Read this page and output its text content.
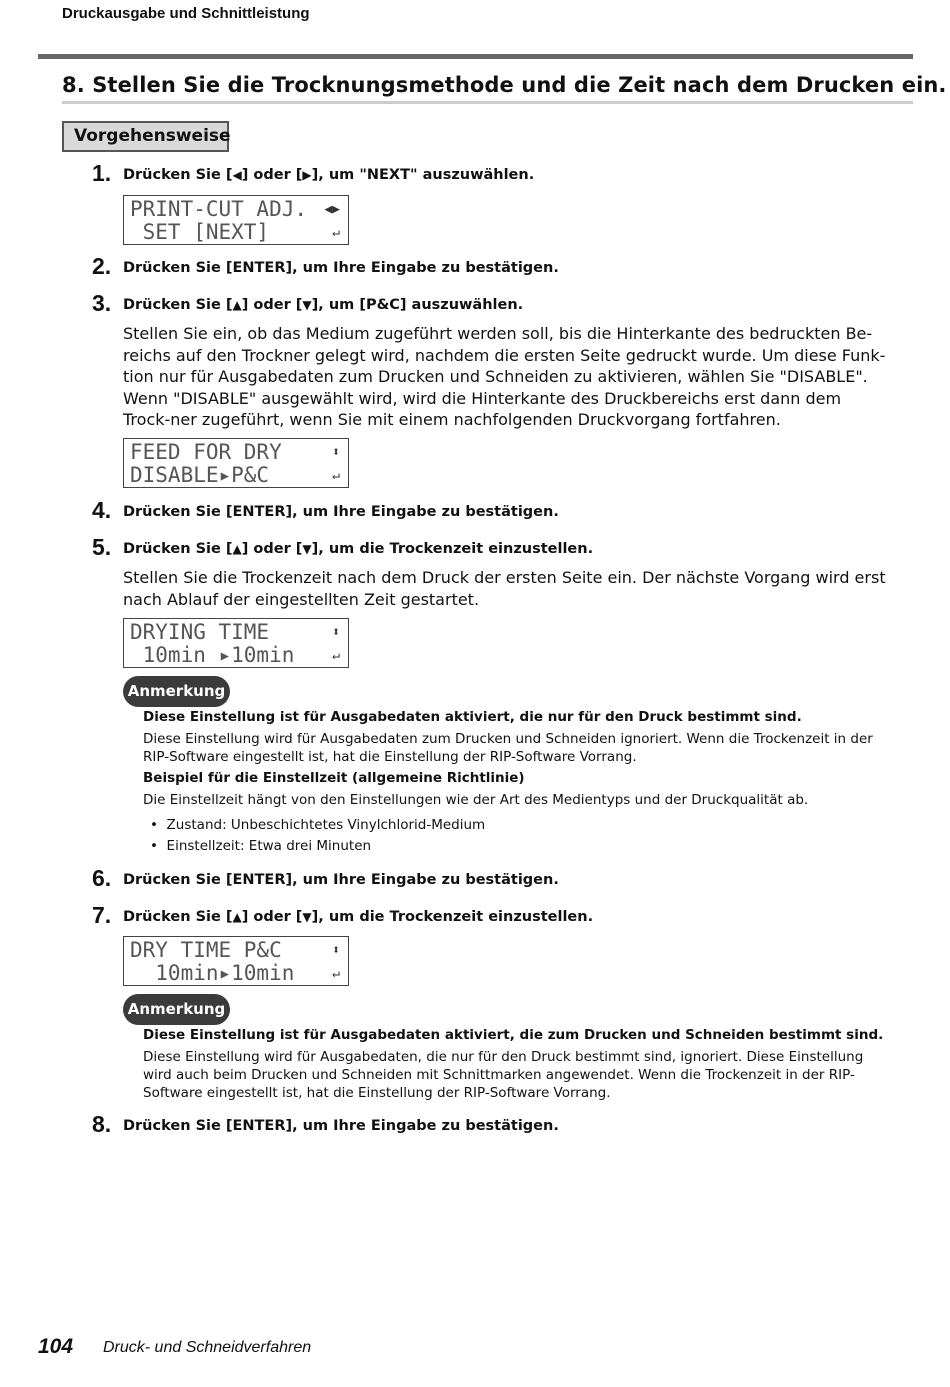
Druckausgabe und Schnittleistung
8. Stellen Sie die Trocknungsmethode und die Zeit nach dem Drucken ein.
Vorgehensweise
1. Drücken Sie [◀] oder [▶], um "NEXT" auszuwählen.
PRINT-CUT ADJ. ◀▶
SET [NEXT]	↵
2. Drücken Sie [ENTER], um Ihre Eingabe zu bestätigen.
3. Drücken Sie [▲] oder [▼], um [P&C] auszuwählen.
Stellen Sie ein, ob das Medium zugeführt werden soll, bis die Hinterkante des bedruckten Be-reichs auf den Trockner gelegt wird, nachdem die ersten Seite gedruckt wurde. Um diese Funk-tion nur für Ausgabedaten zum Drucken und Schneiden zu aktivieren, wählen Sie "DISABLE". Wenn "DISABLE" ausgewählt wird, wird die Hinterkante des Druckbereichs erst dann dem Trock-ner zugeführt, wenn Sie mit einem nachfolgenden Druckvorgang fortfahren.
FEED FOR DRY	⬍
DISABLE▸P&C	↵
4. Drücken Sie [ENTER], um Ihre Eingabe zu bestätigen.
5. Drücken Sie [▲] oder [▼], um die Trockenzeit einzustellen.
Stellen Sie die Trockenzeit nach dem Druck der ersten Seite ein. Der nächste Vorgang wird erst nach Ablauf der eingestellten Zeit gestartet.
DRYING TIME	⬍
10min ▸10min	↵
Anmerkung
Diese Einstellung ist für Ausgabedaten aktiviert, die nur für den Druck bestimmt sind.
Diese Einstellung wird für Ausgabedaten zum Drucken und Schneiden ignoriert. Wenn die Trockenzeit in der RIP-Software eingestellt ist, hat die Einstellung der RIP-Software Vorrang.
Beispiel für die Einstellzeit (allgemeine Richtlinie)
Die Einstellzeit hängt von den Einstellungen wie der Art des Medientyps und der Druckqualität ab.
•  Zustand: Unbeschichtetes Vinylchlorid-Medium
•  Einstellzeit: Etwa drei Minuten
6. Drücken Sie [ENTER], um Ihre Eingabe zu bestätigen.
7. Drücken Sie [▲] oder [▼], um die Trockenzeit einzustellen.
DRY TIME P&C	⬍
10min▸10min	↵
Anmerkung
Diese Einstellung ist für Ausgabedaten aktiviert, die zum Drucken und Schneiden bestimmt sind.
Diese Einstellung wird für Ausgabedaten, die nur für den Druck bestimmt sind, ignoriert. Diese Einstellung wird auch beim Drucken und Schneiden mit Schnittmarken angewendet. Wenn die Trockenzeit in der RIP-Software eingestellt ist, hat die Einstellung der RIP-Software Vorrang.
8. Drücken Sie [ENTER], um Ihre Eingabe zu bestätigen.
104 Druck- und Schneidverfahren
